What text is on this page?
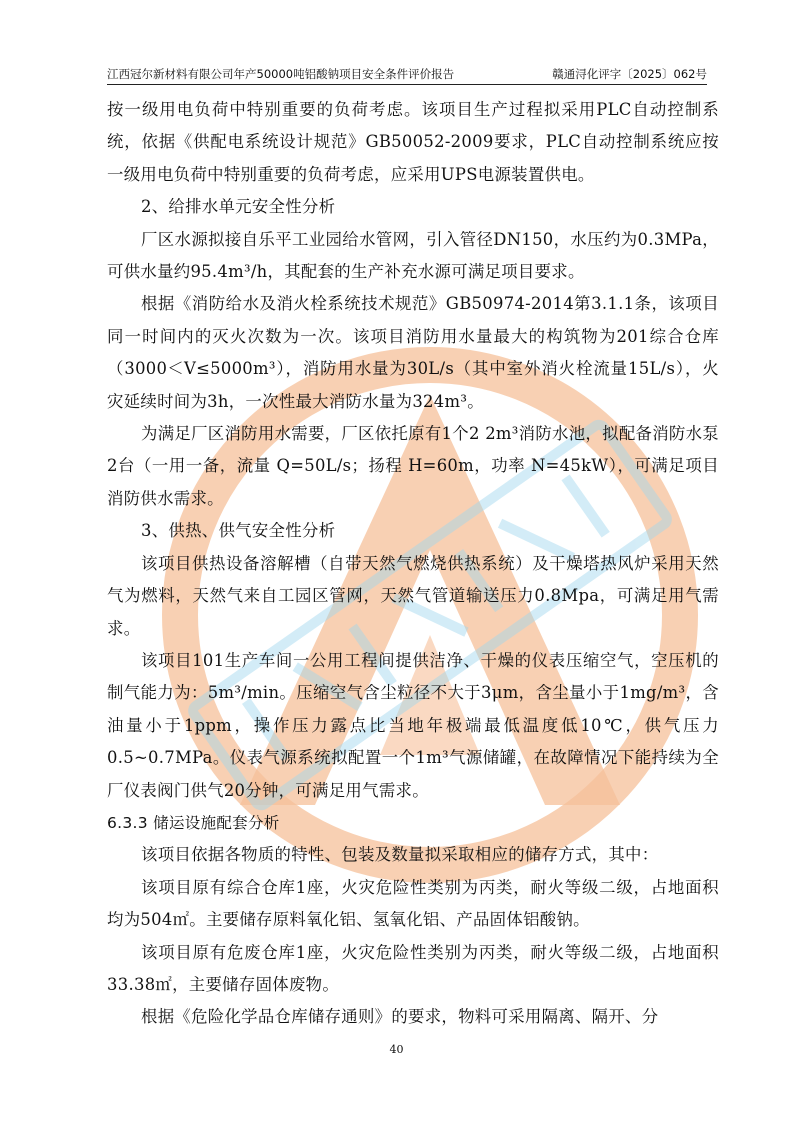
江西冠尔新材料有限公司年产50000吨铝酸钠项目安全条件评价报告	赣通浔化评字〔2025〕062号

按一级用电负荷中特别重要的负荷考虑。该项目生产过程拟采用PLC自动控制系统，依据《供配电系统设计规范》GB50052-2009要求，PLC自动控制系统应按一级用电负荷中特别重要的负荷考虑，应采用UPS电源装置供电。

2、给排水单元安全性分析

厂区水源拟接自乐平工业园给水管网，引入管径DN150，水压约为0.3MPa，可供水量约95.4m³/h，其配套的生产补充水源可满足项目要求。

根据《消防给水及消火栓系统技术规范》GB50974-2014第3.1.1条，该项目同一时间内的灭火次数为一次。该项目消防用水量最大的构筑物为201综合仓库（3000＜V≤5000m³），消防用水量为30L/s（其中室外消火栓流量15L/s），火灾延续时间为3h，一次性最大消防水量为324m³。

为满足厂区消防用水需要，厂区依托原有1个2 2m³消防水池，拟配备消防水泵2台（一用一备，流量 Q=50L/s；扬程 H=60m，功率 N=45kW），可满足项目消防供水需求。

3、供热、供气安全性分析

该项目供热设备溶解槽（自带天然气燃烧供热系统）及干燥塔热风炉采用天然气为燃料，天然气来自工园区管网，天然气管道输送压力0.8Mpa，可满足用气需求。

该项目101生产车间一公用工程间提供洁净、干燥的仪表压缩空气，空压机的制气能力为：5m³/min。压缩空气含尘粒径不大于3μm，含尘量小于1mg/m³，含油量小于1ppm，操作压力露点比当地年极端最低温度低10℃，供气压力0.5~0.7MPa。仪表气源系统拟配置一个1m³气源储罐，在故障情况下能持续为全厂仪表阀门供气20分钟，可满足用气需求。

6.3.3 储运设施配套分析

该项目依据各物质的特性、包装及数量拟采取相应的储存方式，其中：

该项目原有综合仓库1座，火灾危险性类别为丙类，耐火等级二级，占地面积均为504㎡。主要储存原料氧化铝、氢氧化铝、产品固体铝酸钠。

该项目原有危废仓库1座，火灾危险性类别为丙类，耐火等级二级，占地面积33.38㎡，主要储存固体废物。

根据《危险化学品仓库储存通则》的要求，物料可采用隔离、隔开、分

40
